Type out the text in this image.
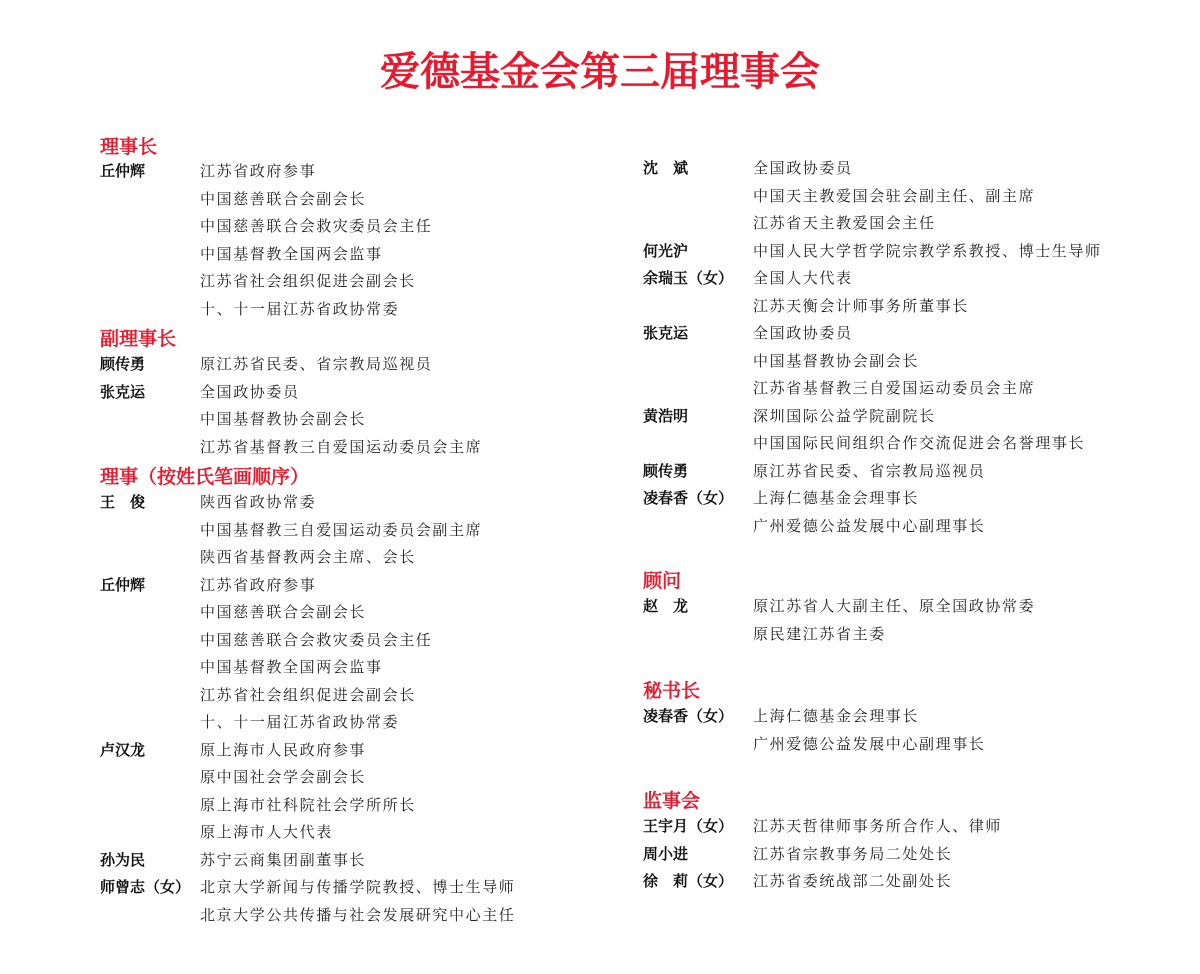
爱德基金会第三届理事会
理事长
丘仲辉	江苏省政府参事
中国慈善联合会副会长
中国慈善联合会救灾委员会主任
中国基督教全国两会监事
江苏省社会组织促进会副会长
十、十一届江苏省政协常委
副理事长
顾传勇	原江苏省民委、省宗教局巡视员
张克运	全国政协委员
中国基督教协会副会长
江苏省基督教三自爱国运动委员会主席
理事（按姓氏笔画顺序）
王　俊	陕西省政协常委
中国基督教三自爱国运动委员会副主席
陕西省基督教两会主席、会长
丘仲辉	江苏省政府参事
中国慈善联合会副会长
中国慈善联合会救灾委员会主任
中国基督教全国两会监事
江苏省社会组织促进会副会长
十、十一届江苏省政协常委
卢汉龙	原上海市人民政府参事
原中国社会学会副会长
原上海市社科院社会学所所长
原上海市人大代表
孙为民	苏宁云商集团副董事长
师曾志（女） 北京大学新闻与传播学院教授、博士生导师
北京大学公共传播与社会发展研究中心主任
沈　斌	全国政协委员
中国天主教爱国会驻会副主任、副主席
江苏省天主教爱国会主任
何光沪	中国人民大学哲学院宗教学系教授、博士生导师
余瑞玉（女） 全国人大代表
江苏天衡会计师事务所董事长
张克运	全国政协委员
中国基督教协会副会长
江苏省基督教三自爱国运动委员会主席
黄浩明	深圳国际公益学院副院长
中国国际民间组织合作交流促进会名誉理事长
顾传勇	原江苏省民委、省宗教局巡视员
凌春香（女） 上海仁德基金会理事长
广州爱德公益发展中心副理事长
顾问
赵　龙	原江苏省人大副主任、原全国政协常委
原民建江苏省主委
秘书长
凌春香（女） 上海仁德基金会理事长
广州爱德公益发展中心副理事长
监事会
王宇月（女） 江苏天哲律师事务所合作人、律师
周小进	江苏省宗教事务局二处处长
徐　莉（女） 江苏省委统战部二处副处长
